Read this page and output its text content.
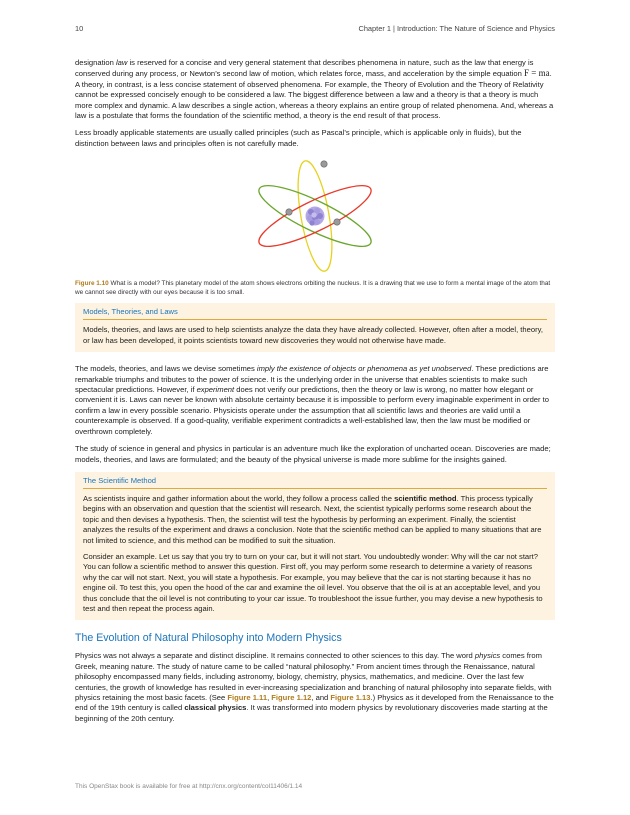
10	Chapter 1 | Introduction: The Nature of Science and Physics

designation law is reserved for a concise and very general statement that describes phenomena in nature, such as the law that energy is conserved during any process, or Newton’s second law of motion, which relates force, mass, and acceleration by the simple equation F = ma. A theory, in contrast, is a less concise statement of observed phenomena. For example, the Theory of Evolution and the Theory of Relativity cannot be expressed concisely enough to be considered a law. The biggest difference between a law and a theory is that a theory is much more complex and dynamic. A law describes a single action, whereas a theory explains an entire group of related phenomena. And, whereas a law is a postulate that forms the foundation of the scientific method, a theory is the end result of that process.

Less broadly applicable statements are usually called principles (such as Pascal’s principle, which is applicable only in fluids), but the distinction between laws and principles often is not carefully made.

Figure 1.10 What is a model? This planetary model of the atom shows electrons orbiting the nucleus. It is a drawing that we use to form a mental image of the atom that we cannot see directly with our eyes because it is too small.

Models, Theories, and Laws

Models, theories, and laws are used to help scientists analyze the data they have already collected. However, often after a model, theory, or law has been developed, it points scientists toward new discoveries they would not otherwise have made.

The models, theories, and laws we devise sometimes imply the existence of objects or phenomena as yet unobserved. These predictions are remarkable triumphs and tributes to the power of science. It is the underlying order in the universe that enables scientists to make such spectacular predictions. However, if experiment does not verify our predictions, then the theory or law is wrong, no matter how elegant or convenient it is. Laws can never be known with absolute certainty because it is impossible to perform every imaginable experiment in order to confirm a law in every possible scenario. Physicists operate under the assumption that all scientific laws and theories are valid until a counterexample is observed. If a good-quality, verifiable experiment contradicts a well-established law, then the law must be modified or overthrown completely.

The study of science in general and physics in particular is an adventure much like the exploration of uncharted ocean. Discoveries are made; models, theories, and laws are formulated; and the beauty of the physical universe is made more sublime for the insights gained.

The Scientific Method

As scientists inquire and gather information about the world, they follow a process called the scientific method. This process typically begins with an observation and question that the scientist will research. Next, the scientist typically performs some research about the topic and then devises a hypothesis. Then, the scientist will test the hypothesis by performing an experiment. Finally, the scientist analyzes the results of the experiment and draws a conclusion. Note that the scientific method can be applied to many situations that are not limited to science, and this method can be modified to suit the situation.

Consider an example. Let us say that you try to turn on your car, but it will not start. You undoubtedly wonder: Why will the car not start? You can follow a scientific method to answer this question. First off, you may perform some research to determine a variety of reasons why the car will not start. Next, you will state a hypothesis. For example, you may believe that the car is not starting because it has no engine oil. To test this, you open the hood of the car and examine the oil level. You observe that the oil is at an acceptable level, and you thus conclude that the oil level is not contributing to your car issue. To troubleshoot the issue further, you may devise a new hypothesis to test and then repeat the process again.

The Evolution of Natural Philosophy into Modern Physics

Physics was not always a separate and distinct discipline. It remains connected to other sciences to this day. The word physics comes from Greek, meaning nature. The study of nature came to be called “natural philosophy.” From ancient times through the Renaissance, natural philosophy encompassed many fields, including astronomy, biology, chemistry, physics, mathematics, and medicine. Over the last few centuries, the growth of knowledge has resulted in ever-increasing specialization and branching of natural philosophy into separate fields, with physics retaining the most basic facets. (See Figure 1.11, Figure 1.12, and Figure 1.13.) Physics as it developed from the Renaissance to the end of the 19th century is called classical physics. It was transformed into modern physics by revolutionary discoveries made starting at the beginning of the 20th century.

This OpenStax book is available for free at http://cnx.org/content/col11406/1.14
